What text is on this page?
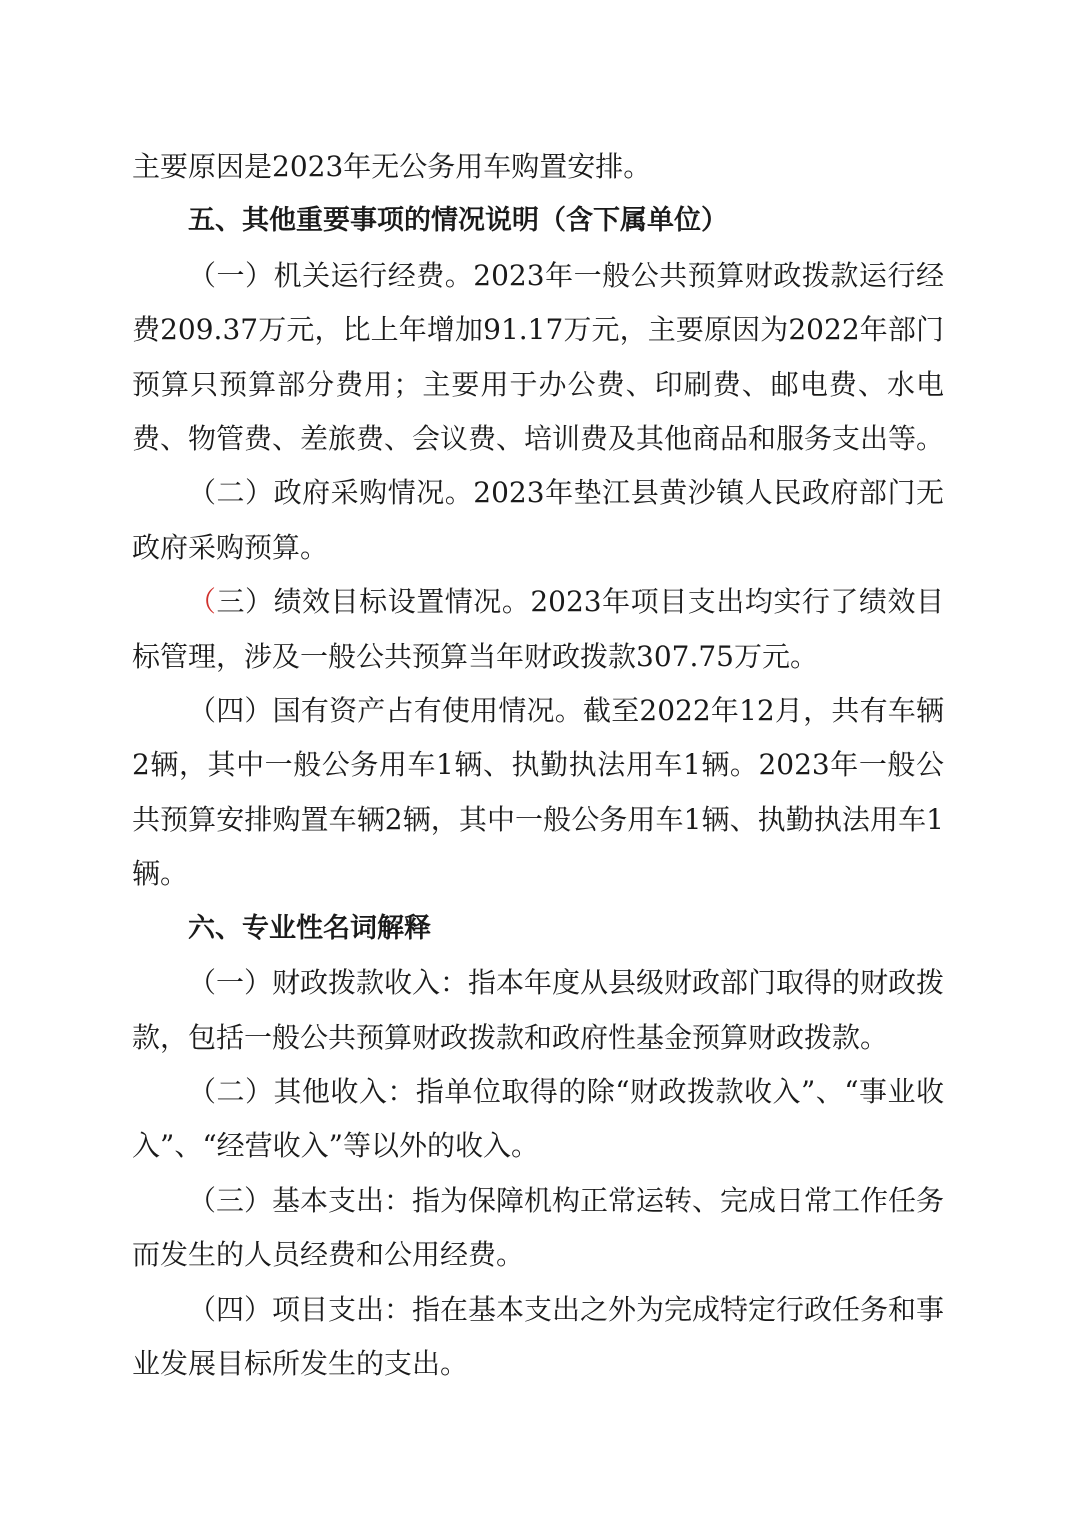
主要原因是2023年无公务用车购置安排。

五、其他重要事项的情况说明（含下属单位）

（一）机关运行经费。2023年一般公共预算财政拨款运行经费209.37万元，比上年增加91.17万元，主要原因为2022年部门预算只预算部分费用；主要用于办公费、印刷费、邮电费、水电费、物管费、差旅费、会议费、培训费及其他商品和服务支出等。

（二）政府采购情况。2023年垫江县黄沙镇人民政府部门无政府采购预算。

（三）绩效目标设置情况。2023年项目支出均实行了绩效目标管理，涉及一般公共预算当年财政拨款307.75万元。

（四）国有资产占有使用情况。截至2022年12月，共有车辆2辆，其中一般公务用车1辆、执勤执法用车1辆。2023年一般公共预算安排购置车辆2辆，其中一般公务用车1辆、执勤执法用车1辆。

六、专业性名词解释

（一）财政拨款收入：指本年度从县级财政部门取得的财政拨款，包括一般公共预算财政拨款和政府性基金预算财政拨款。

（二）其他收入：指单位取得的除“财政拨款收入”、“事业收入”、“经营收入”等以外的收入。

（三）基本支出：指为保障机构正常运转、完成日常工作任务而发生的人员经费和公用经费。

（四）项目支出：指在基本支出之外为完成特定行政任务和事业发展目标所发生的支出。
